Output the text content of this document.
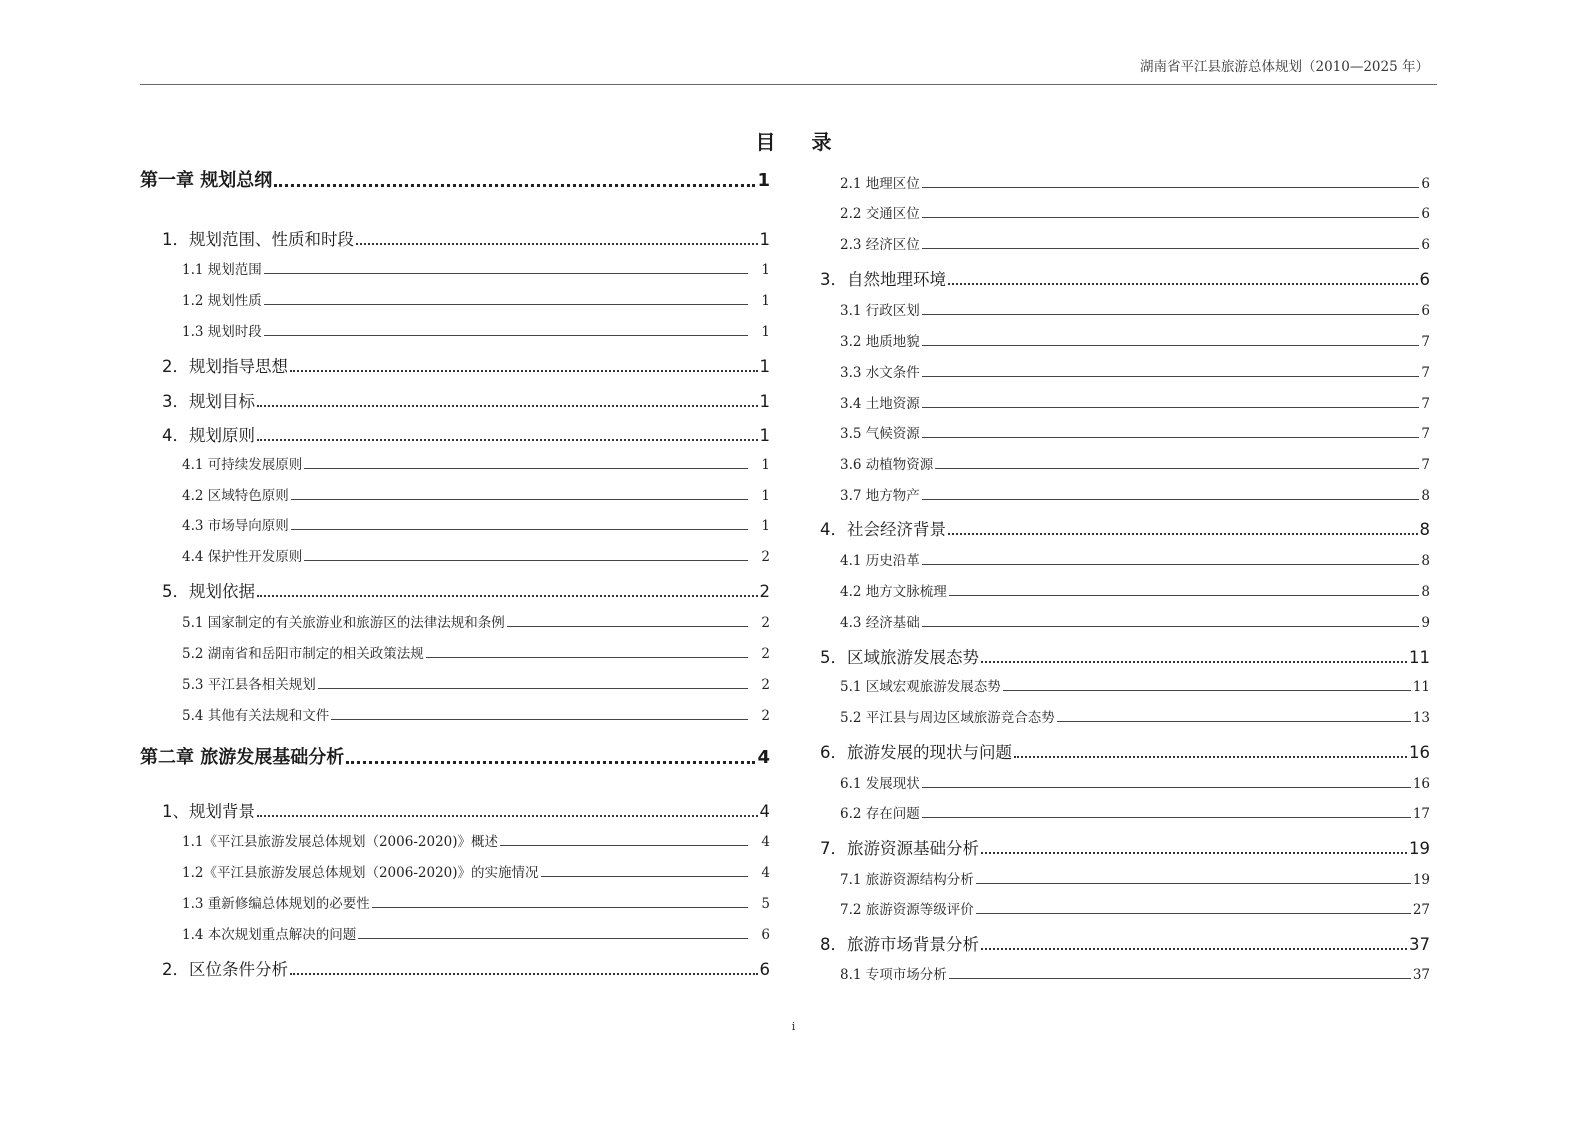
湖南省平江县旅游总体规划（2010—2025 年）
目录
第一章 规划总纲	1
1．规划范围、性质和时段	1
1.1 规划范围	1
1.2 规划性质	1
1.3 规划时段	1
2．规划指导思想	1
3．规划目标	1
4．规划原则	1
4.1 可持续发展原则	1
4.2 区域特色原则	1
4.3 市场导向原则	1
4.4 保护性开发原则	2
5．规划依据	2
5.1 国家制定的有关旅游业和旅游区的法律法规和条例	2
5.2 湖南省和岳阳市制定的相关政策法规	2
5.3 平江县各相关规划	2
5.4 其他有关法规和文件	2
第二章 旅游发展基础分析	4
1、规划背景	4
1.1《平江县旅游发展总体规划（2006-2020)》概述	4
1.2《平江县旅游发展总体规划（2006-2020)》的实施情况	4
1.3 重新修编总体规划的必要性	5
1.4 本次规划重点解决的问题	6
2．区位条件分析	6
2.1 地理区位	6
2.2 交通区位	6
2.3 经济区位	6
3．自然地理环境	6
3.1 行政区划	6
3.2 地质地貌	7
3.3 水文条件	7
3.4 土地资源	7
3.5 气候资源	7
3.6 动植物资源	7
3.7 地方物产	8
4．社会经济背景	8
4.1 历史沿革	8
4.2 地方文脉梳理	8
4.3 经济基础	9
5．区域旅游发展态势	11
5.1 区域宏观旅游发展态势	11
5.2 平江县与周边区域旅游竞合态势	13
6．旅游发展的现状与问题	16
6.1 发展现状	16
6.2 存在问题	17
7．旅游资源基础分析	19
7.1 旅游资源结构分析	19
7.2 旅游资源等级评价	27
8．旅游市场背景分析	37
8.1 专项市场分析	37
i
